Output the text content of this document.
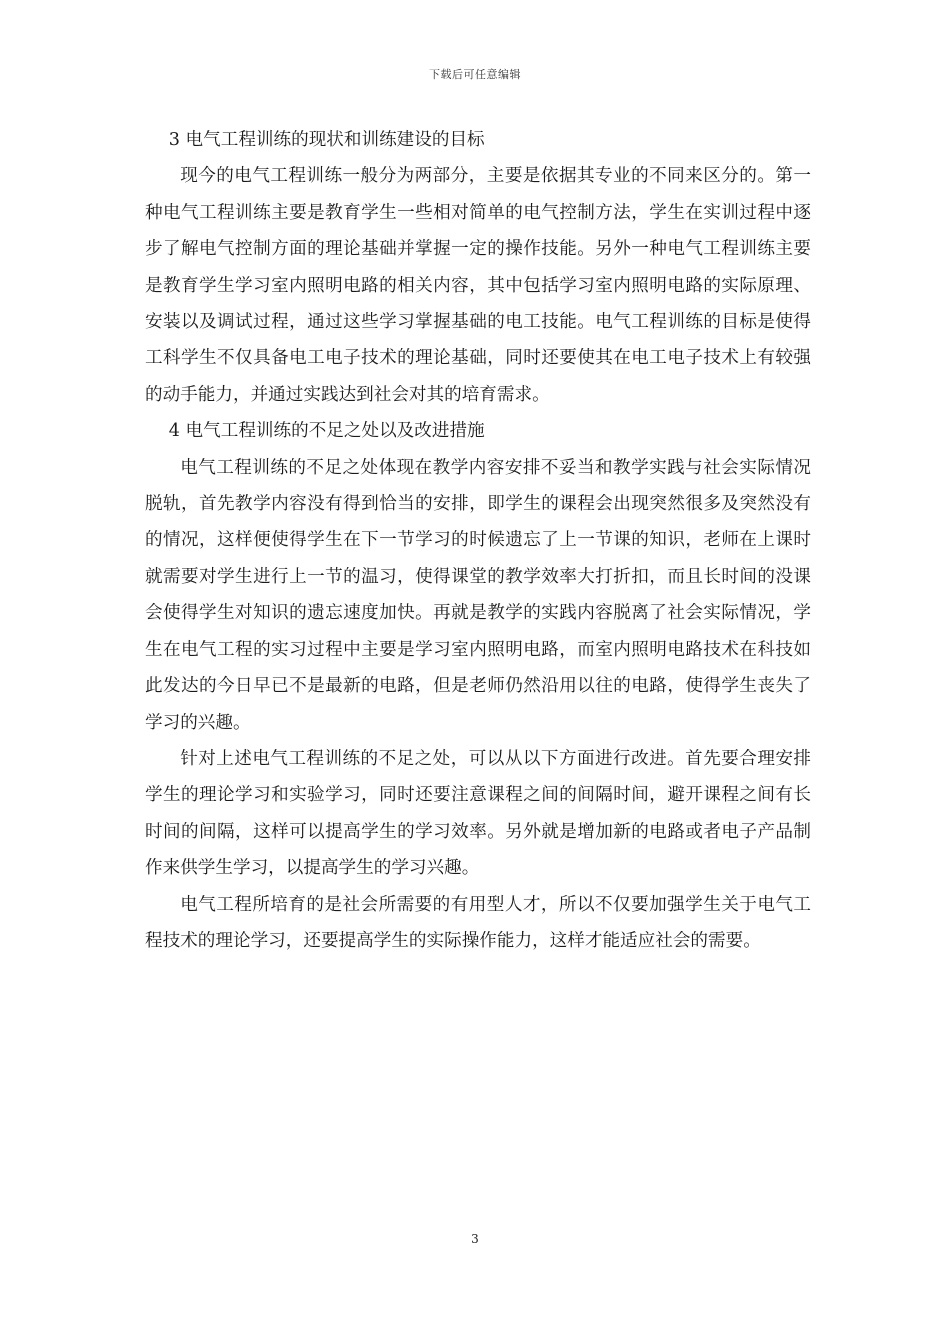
下载后可任意编辑

3 电气工程训练的现状和训练建设的目标

现今的电气工程训练一般分为两部分，主要是依据其专业的不同来区分的。第一种电气工程训练主要是教育学生一些相对简单的电气控制方法，学生在实训过程中逐步了解电气控制方面的理论基础并掌握一定的操作技能。另外一种电气工程训练主要是教育学生学习室内照明电路的相关内容，其中包括学习室内照明电路的实际原理、安装以及调试过程，通过这些学习掌握基础的电工技能。电气工程训练的目标是使得工科学生不仅具备电工电子技术的理论基础，同时还要使其在电工电子技术上有较强的动手能力，并通过实践达到社会对其的培育需求。

4 电气工程训练的不足之处以及改进措施

电气工程训练的不足之处体现在教学内容安排不妥当和教学实践与社会实际情况脱轨，首先教学内容没有得到恰当的安排，即学生的课程会出现突然很多及突然没有的情况，这样便使得学生在下一节学习的时候遗忘了上一节课的知识，老师在上课时就需要对学生进行上一节的温习，使得课堂的教学效率大打折扣，而且长时间的没课会使得学生对知识的遗忘速度加快。再就是教学的实践内容脱离了社会实际情况，学生在电气工程的实习过程中主要是学习室内照明电路，而室内照明电路技术在科技如此发达的今日早已不是最新的电路，但是老师仍然沿用以往的电路，使得学生丧失了学习的兴趣。

针对上述电气工程训练的不足之处，可以从以下方面进行改进。首先要合理安排学生的理论学习和实验学习，同时还要注意课程之间的间隔时间，避开课程之间有长时间的间隔，这样可以提高学生的学习效率。另外就是增加新的电路或者电子产品制作来供学生学习，以提高学生的学习兴趣。

电气工程所培育的是社会所需要的有用型人才，所以不仅要加强学生关于电气工程技术的理论学习，还要提高学生的实际操作能力，这样才能适应社会的需要。

3
